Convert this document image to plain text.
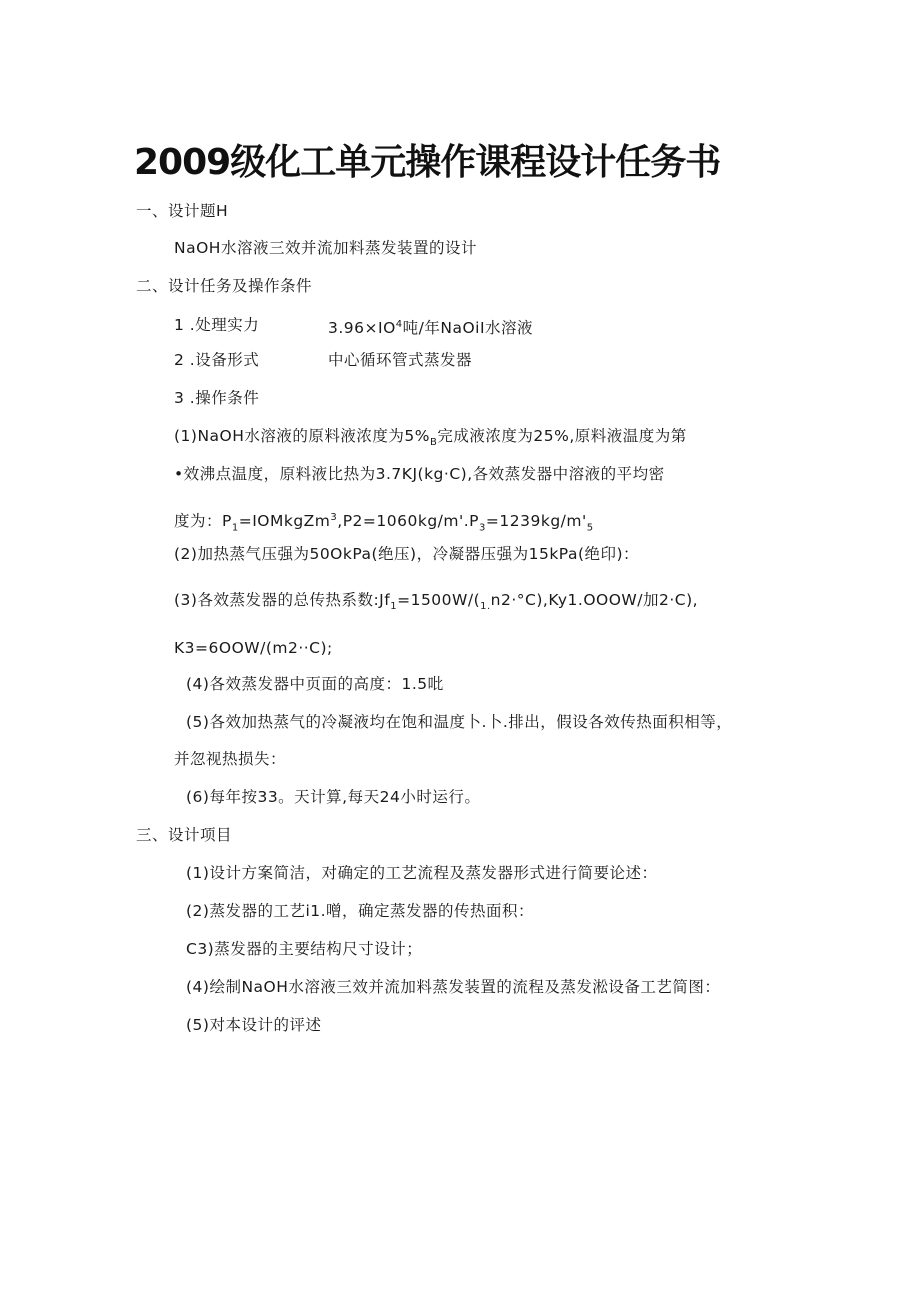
2009级化工单元操作课程设计任务书
一、设计题H
NaOH水溶液三效并流加料蒸发装置的设计
二、设计任务及操作条件
1 .处理实力	$3.96\times IO^4$吨/年NaOiI水溶液
2 .设备形式	中心循环管式蒸发器
3 .操作条件
(1)NaOH水溶液的原料液浓度为$5\%_B$完成液浓度为25%,原料液温度为第
•效沸点温度，原料液比热为3.7KJ(kg·C),各效蒸发器中溶液的平均密
度为：$P_1=IOMkgZm^3,P2=1060kg∕m'.P_3=1239kg∕m'_5$
(2)加热蒸气压强为50OkPa(绝压)，冷凝器压强为15kPa(绝印)：
(3)各效蒸发器的总传热系数$:Jf_1=1500W∕(_{1.}n2\cdot^\circ C),Ky1.OOOW/$加2·C),
K3=6OOW/(m2··C);
(4)各效蒸发器中页面的高度：1.5吡
(5)各效加热蒸气的冷凝液均在饱和温度卜.卜.排出，假设各效传热面积相等，
并忽视热损失：
(6)每年按33。天计算,每天24小时运行。
三、设计项目
(1)设计方案简洁，对确定的工艺流程及蒸发器形式进行简要论述：
(2)蒸发器的工艺i1.噌，确定蒸发器的传热面积：
C3)蒸发器的主要结构尺寸设计；
(4)绘制NaOH水溶液三效并流加料蒸发装置的流程及蒸发淞设备工艺简图：
(5)对本设计的评述
